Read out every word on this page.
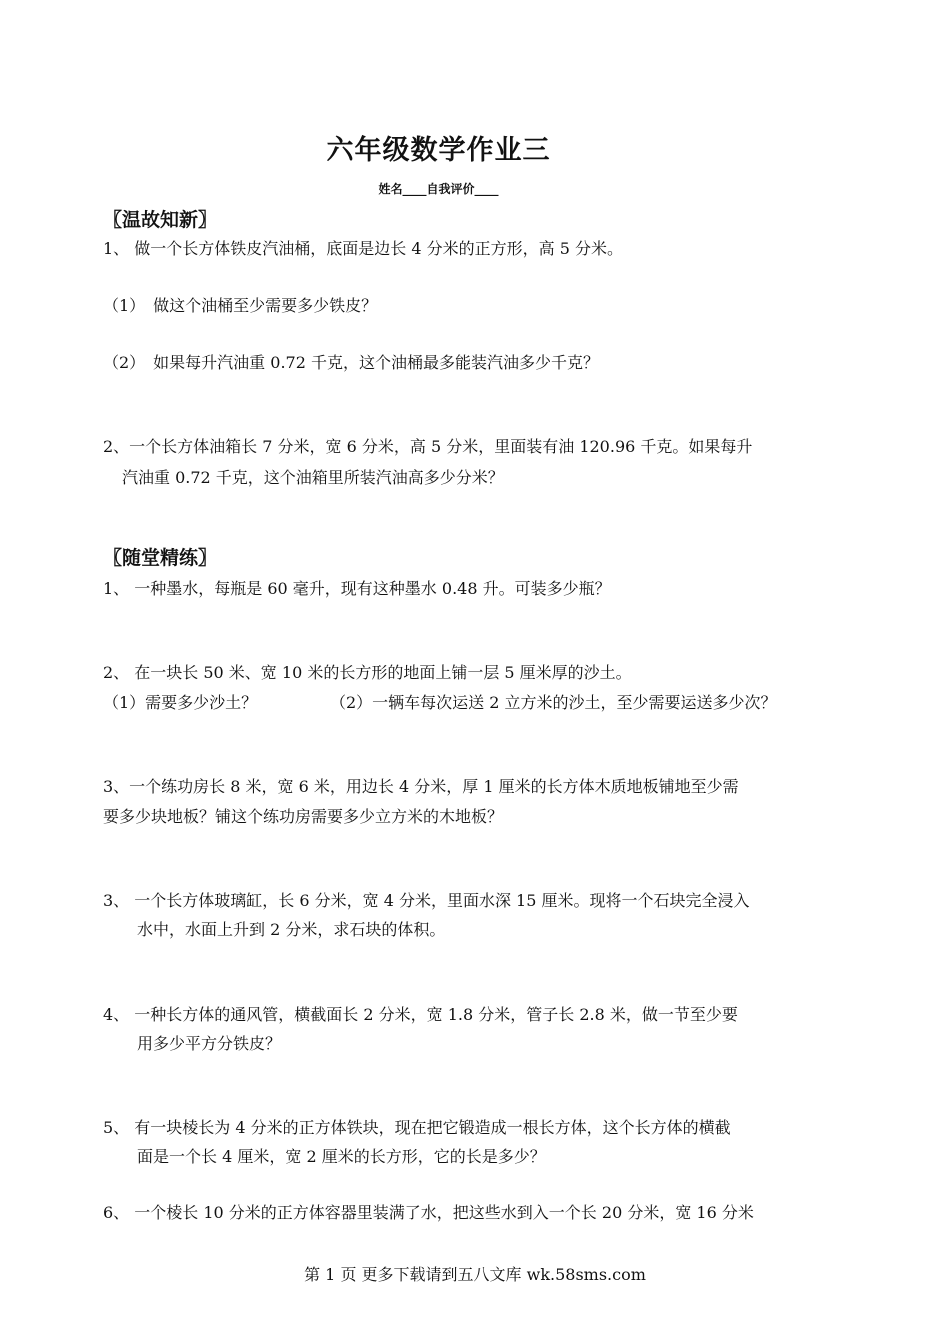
六年级数学作业三
姓名____自我评价____
〖温故知新〗
1、 做一个长方体铁皮汽油桶，底面是边长 4 分米的正方形，高 5 分米。
（1）　做这个油桶至少需要多少铁皮？
（2）　如果每升汽油重 0.72 千克，这个油桶最多能装汽油多少千克？
2、一个长方体油箱长 7 分米，宽 6 分米，高 5 分米，里面装有油 120.96 千克。如果每升
汽油重 0.72 千克，这个油箱里所装汽油高多少分米？
〖随堂精练〗
1、 一种墨水，每瓶是 60 毫升，现有这种墨水 0.48 升。可装多少瓶？
2、 在一块长 50 米、宽 10 米的长方形的地面上铺一层 5 厘米厚的沙土。
（1）需要多少沙土？	（2）一辆车每次运送 2 立方米的沙土，至少需要运送多少次？
3、一个练功房长 8 米，宽 6 米，用边长 4 分米，厚 1 厘米的长方体木质地板铺地至少需
要多少块地板？铺这个练功房需要多少立方米的木地板？
3、 一个长方体玻璃缸，长 6 分米，宽 4 分米，里面水深 15 厘米。现将一个石块完全浸入
水中，水面上升到 2 分米，求石块的体积。
4、 一种长方体的通风管，横截面长 2 分米，宽 1.8 分米，管子长 2.8 米，做一节至少要
用多少平方分铁皮？
5、 有一块棱长为 4 分米的正方体铁块，现在把它锻造成一根长方体，这个长方体的横截
面是一个长 4 厘米，宽 2 厘米的长方形，它的长是多少？
6、 一个棱长 10 分米的正方体容器里装满了水，把这些水到入一个长 20 分米，宽 16 分米
第 1 页 更多下载请到五八文库 wk.58sms.com
